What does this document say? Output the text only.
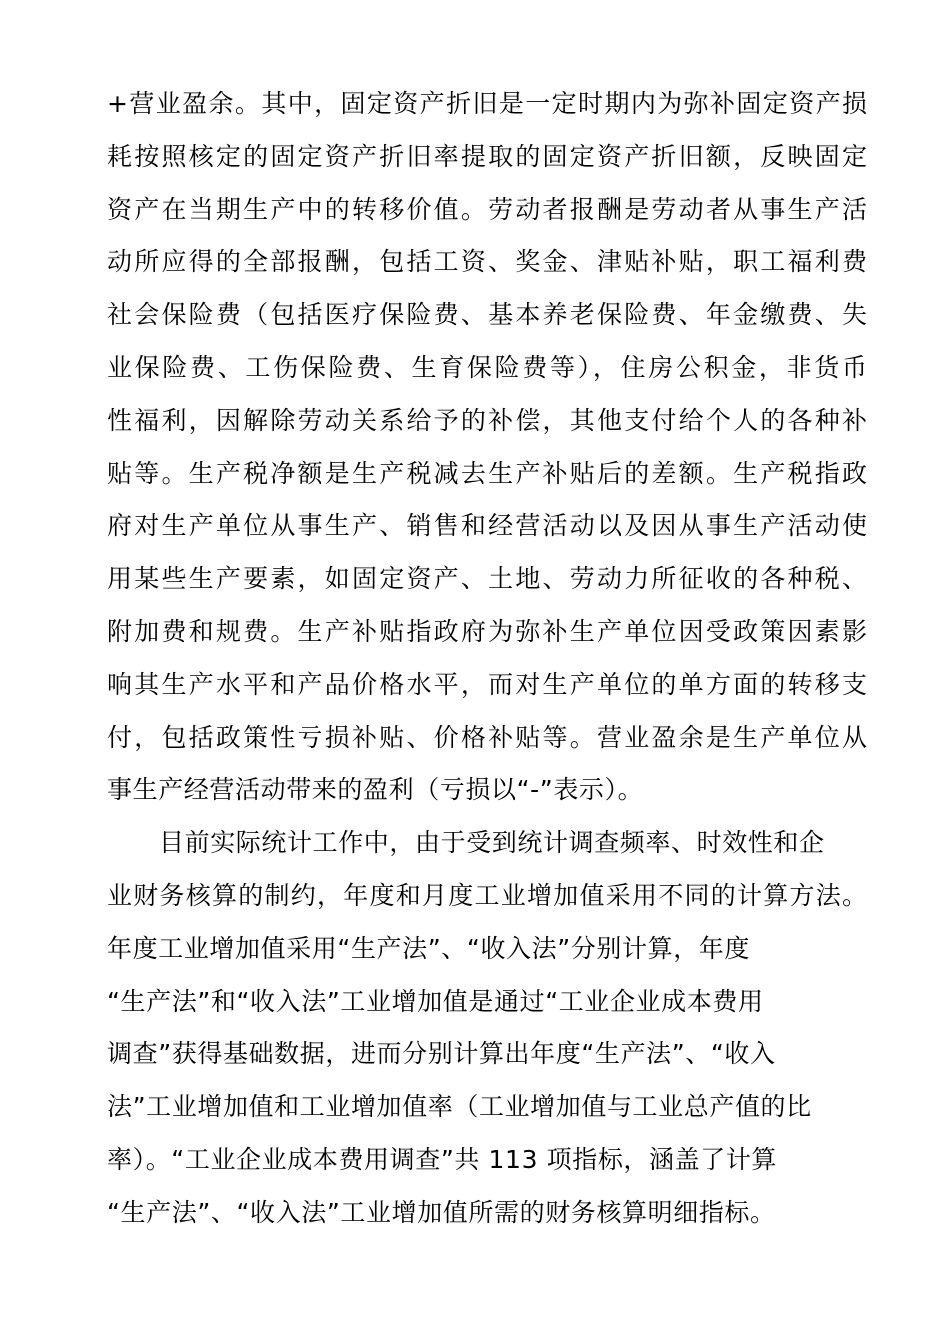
+营业盈余。其中，固定资产折旧是一定时期内为弥补固定资产损
耗按照核定的固定资产折旧率提取的固定资产折旧额，反映固定
资产在当期生产中的转移价值。劳动者报酬是劳动者从事生产活
动所应得的全部报酬，包括工资、奖金、津贴补贴，职工福利费
社会保险费（包括医疗保险费、基本养老保险费、年金缴费、失
业保险费、工伤保险费、生育保险费等），住房公积金，非货币
性福利，因解除劳动关系给予的补偿，其他支付给个人的各种补
贴等。生产税净额是生产税减去生产补贴后的差额。生产税指政
府对生产单位从事生产、销售和经营活动以及因从事生产活动使
用某些生产要素，如固定资产、土地、劳动力所征收的各种税、
附加费和规费。生产补贴指政府为弥补生产单位因受政策因素影
响其生产水平和产品价格水平，而对生产单位的单方面的转移支
付，包括政策性亏损补贴、价格补贴等。营业盈余是生产单位从
事生产经营活动带来的盈利（亏损以“-”表示）。
目前实际统计工作中，由于受到统计调查频率、时效性和企
业财务核算的制约，年度和月度工业增加值采用不同的计算方法。
年度工业增加值采用“生产法”、“收入法”分别计算，年度
“生产法”和“收入法”工业增加值是通过“工业企业成本费用
调查”获得基础数据，进而分别计算出年度“生产法”、“收入
法”工业增加值和工业增加值率（工业增加值与工业总产值的比
率）。“工业企业成本费用调查”共 113 项指标，涵盖了计算
“生产法”、“收入法”工业增加值所需的财务核算明细指标。
